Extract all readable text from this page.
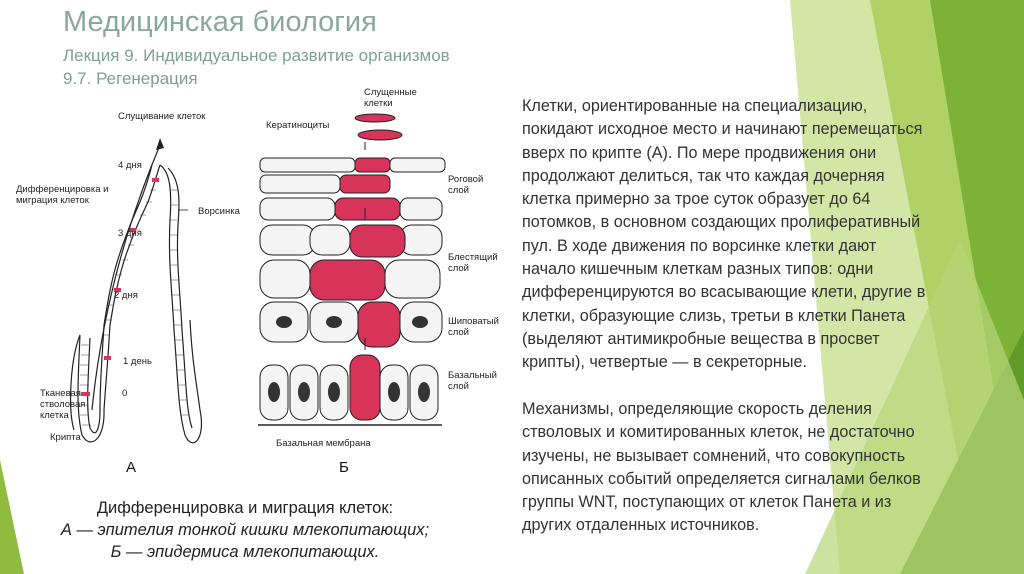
Медицинская биология
Лекция 9. Индивидуальное развитие организмов
9.7. Регенерация
Слущивание клеток
Дифференцировка и миграция клеток
Ворсинка
4 дня
3 дня
2 дня
1 день
0
Тканевая стволовая клетка
Крипта
А
Слущенные клетки
Кератиноциты
Роговой слой
Блестящий слой
Шиповатый слой
Базальный слой
Базальная мембрана
Б
Дифференцировка и миграция клеток:
А — эпителия тонкой кишки млекопитающих;
Б — эпидермиса млекопитающих.
Клетки, ориентированные на специализацию,
покидают исходное место и начинают перемещаться
вверх по крипте (А). По мере продвижения они
продолжают делиться, так что каждая дочерняя
клетка примерно за трое суток образует до 64
потомков, в основном создающих пролиферативный
пул. В ходе движения по ворсинке клетки дают
начало кишечным клеткам разных типов: одни
дифференцируются во всасывающие клети, другие в
клетки, образующие слизь, третьи в клетки Панета
(выделяют антимикробные вещества в просвет
крипты), четвертые — в секреторные.
Механизмы, определяющие скорость деления
стволовых и комитированных клеток, не достаточно
изучены, не вызывает сомнений, что совокупность
описанных событий определяется сигналами белков
группы WNT, поступающих от клеток Панета и из
других отдаленных источников.
